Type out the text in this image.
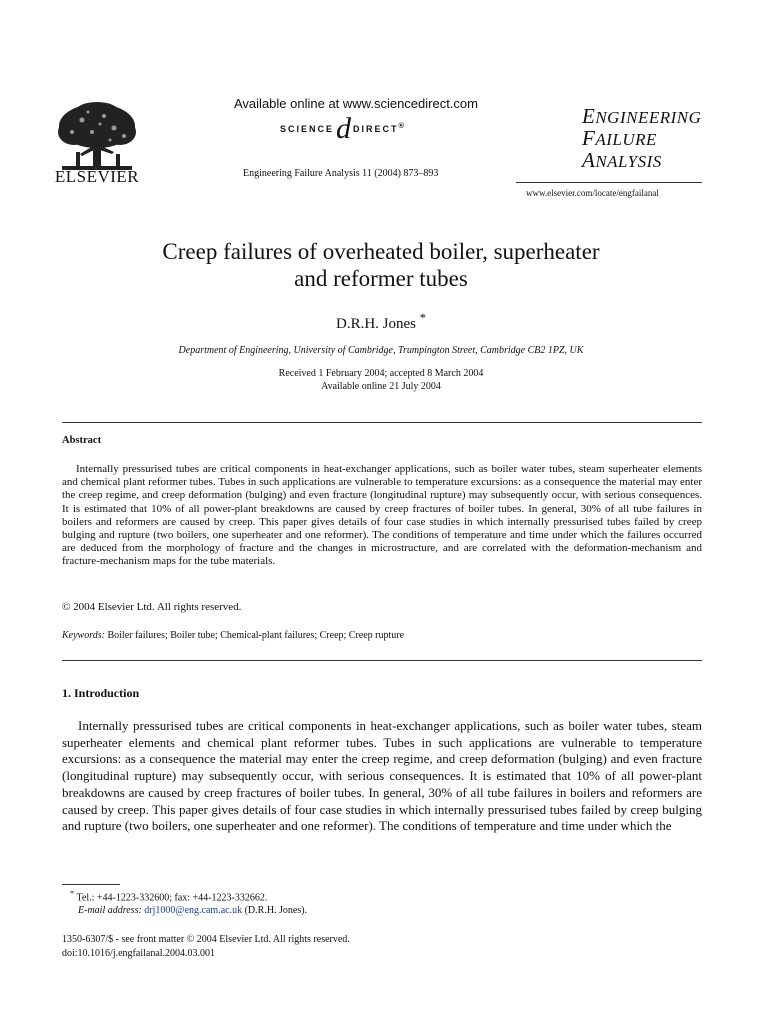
ELSEVIER
Available online at www.sciencedirect.com
SCIENCEd DIRECT®
Engineering Failure Analysis 11 (2004) 873–893
ENGINEERING
FAILURE
ANALYSIS
www.elsevier.com/locate/engfailanal
Creep failures of overheated boiler, superheater
and reformer tubes
D.R.H. Jones *
Department of Engineering, University of Cambridge, Trumpington Street, Cambridge CB2 1PZ, UK
Received 1 February 2004; accepted 8 March 2004
Available online 21 July 2004
Abstract
Internally pressurised tubes are critical components in heat-exchanger applications, such as boiler water tubes, steam superheater elements and chemical plant reformer tubes. Tubes in such applications are vulnerable to temperature excursions: as a consequence the material may enter the creep regime, and creep deformation (bulging) and even fracture (longitudinal rupture) may subsequently occur, with serious consequences. It is estimated that 10% of all power-plant breakdowns are caused by creep fractures of boiler tubes. In general, 30% of all tube failures in boilers and reformers are caused by creep. This paper gives details of four case studies in which internally pressurised tubes failed by creep bulging and rupture (two boilers, one superheater and one reformer). The conditions of temperature and time under which the failures occurred are deduced from the morphology of fracture and the changes in microstructure, and are correlated with the deformation-mechanism and fracture-mechanism maps for the tube materials.
© 2004 Elsevier Ltd. All rights reserved.
Keywords: Boiler failures; Boiler tube; Chemical-plant failures; Creep; Creep rupture
1. Introduction
Internally pressurised tubes are critical components in heat-exchanger applications, such as boiler water tubes, steam superheater elements and chemical plant reformer tubes. Tubes in such applications are vulnerable to temperature excursions: as a consequence the material may enter the creep regime, and creep deformation (bulging) and even fracture (longitudinal rupture) may subsequently occur, with serious consequences. It is estimated that 10% of all power-plant breakdowns are caused by creep fractures of boiler tubes. In general, 30% of all tube failures in boilers and reformers are caused by creep. This paper gives details of four case studies in which internally pressurised tubes failed by creep bulging and rupture (two boilers, one superheater and one reformer). The conditions of temperature and time under which the
* Tel.: +44-1223-332600; fax: +44-1223-332662.
E-mail address: drj1000@eng.cam.ac.uk (D.R.H. Jones).
1350-6307/$ - see front matter © 2004 Elsevier Ltd. All rights reserved.
doi:10.1016/j.engfailanal.2004.03.001
